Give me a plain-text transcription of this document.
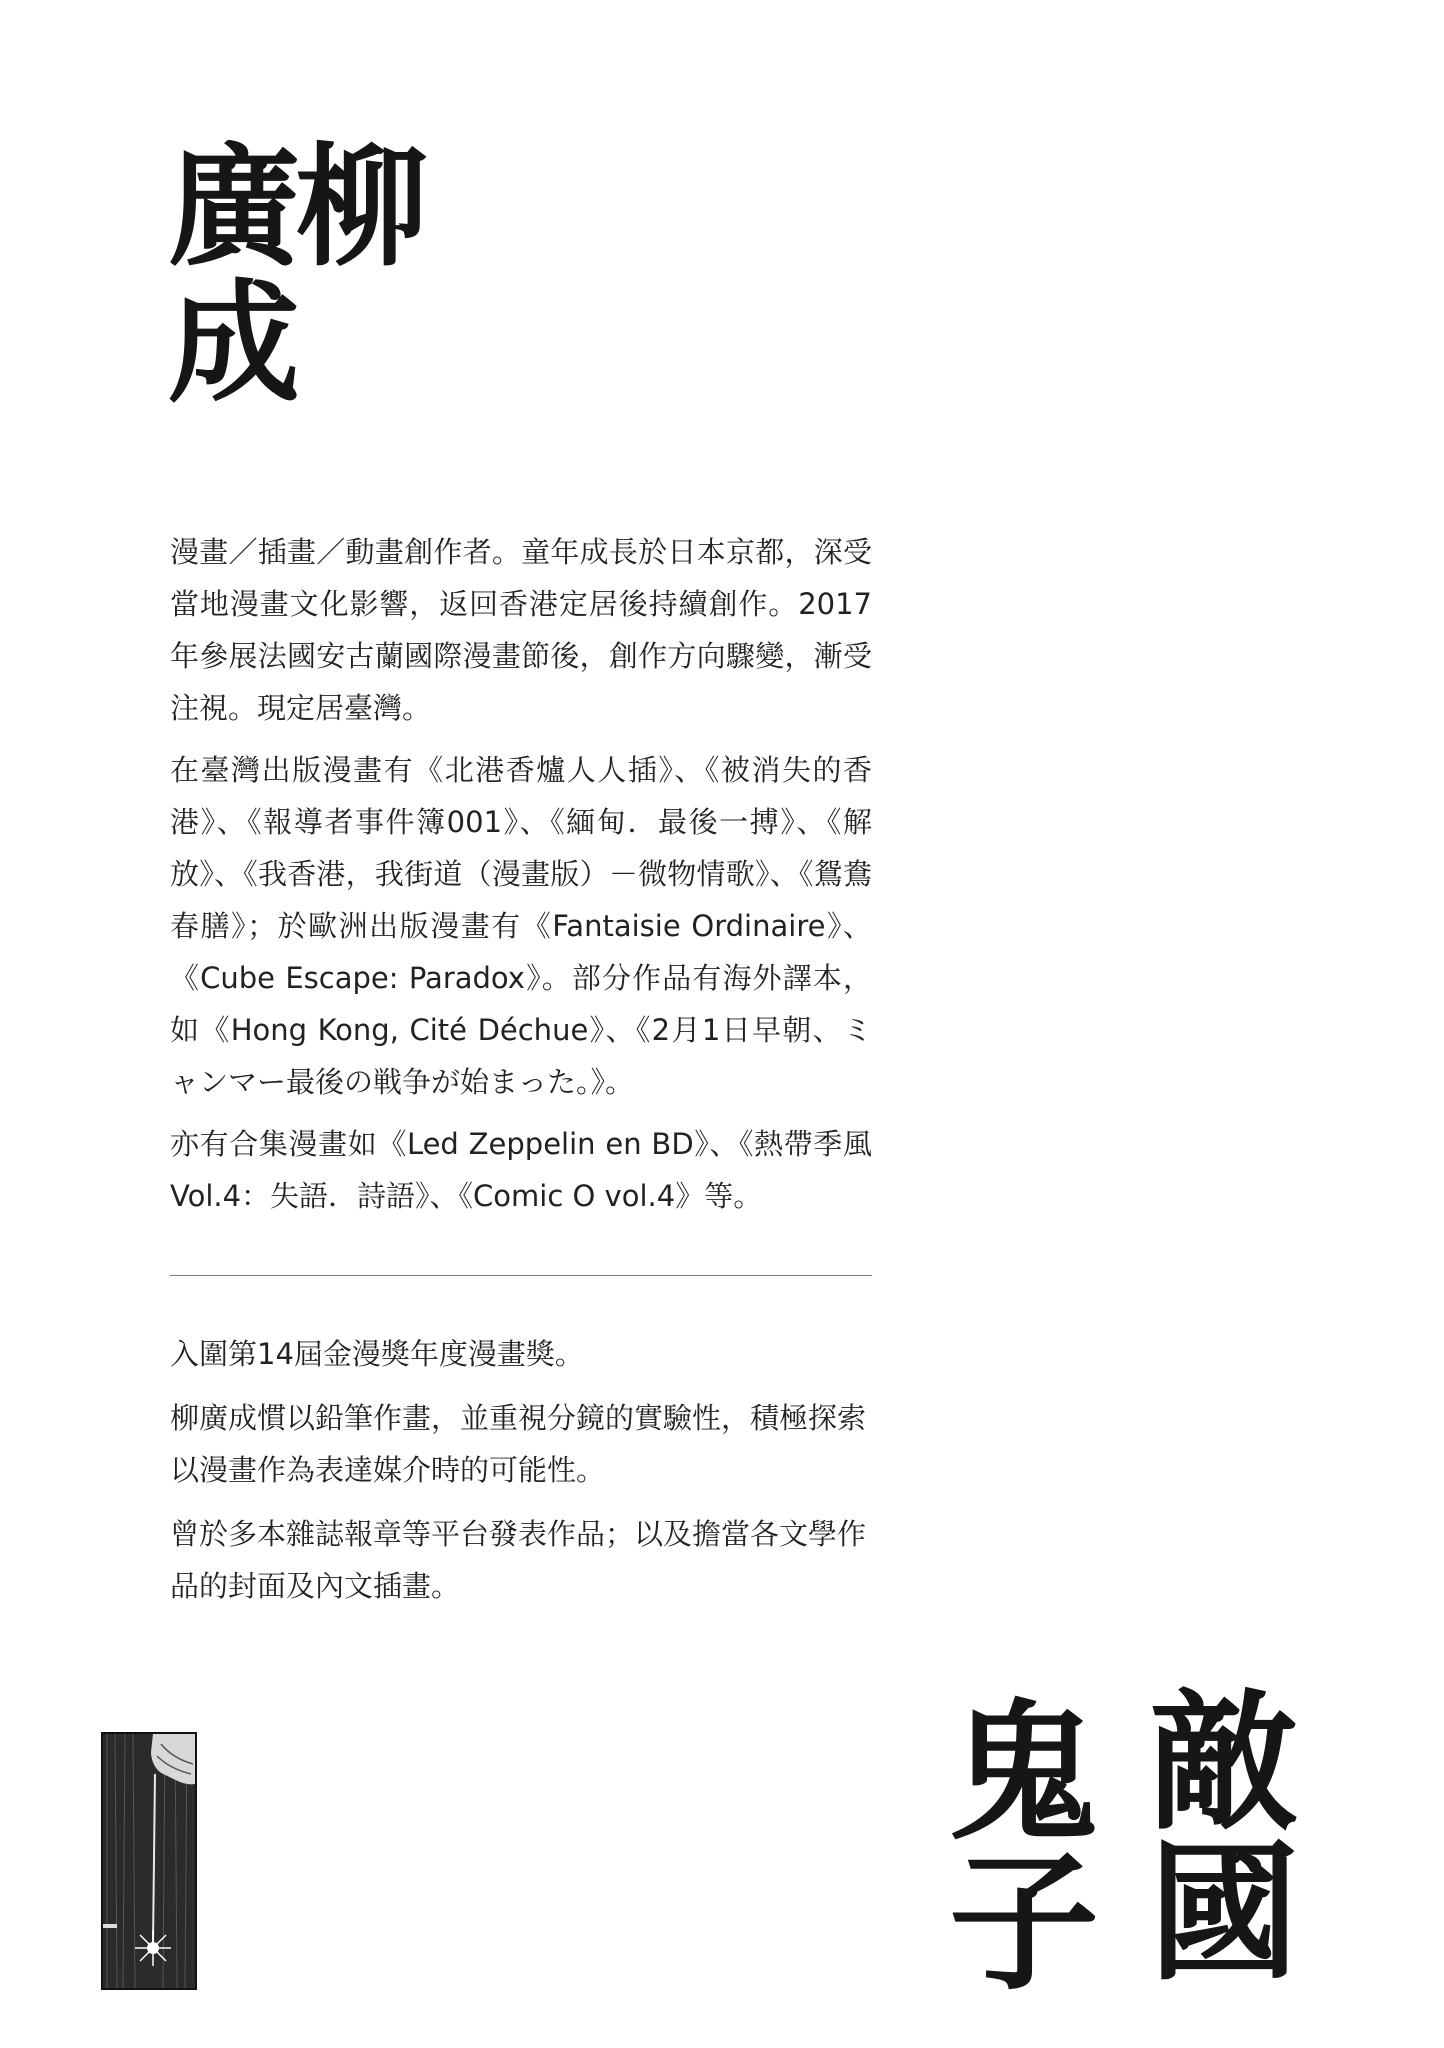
廣柳
成

漫畫／插畫／動畫創作者。童年成長於日本京都，深受當地漫畫文化影響，返回香港定居後持續創作。2017年參展法國安古蘭國際漫畫節後，創作方向驟變，漸受注視。現定居臺灣。

在臺灣出版漫畫有《北港香爐人人插》、《被消失的香港》、《報導者事件簿001》、《緬甸．最後一搏》、《解放》、《我香港，我街道（漫畫版）－微物情歌》、《鴛鴦春膳》；於歐洲出版漫畫有《Fantaisie Ordinaire》、《Cube Escape: Paradox》。部分作品有海外譯本，如《Hong Kong, Cité Déchue》、《2月1日早朝、ミャンマー最後の戦争が始まった。》。

亦有合集漫畫如《Led Zeppelin en BD》、《熱帶季風Vol.4：失語．詩語》、《Comic O vol.4》等。

入圍第14屆金漫獎年度漫畫獎。

柳廣成慣以鉛筆作畫，並重視分鏡的實驗性，積極探索以漫畫作為表達媒介時的可能性。

曾於多本雜誌報章等平台發表作品；以及擔當各文學作品的封面及內文插畫。

敵
國
鬼
子
